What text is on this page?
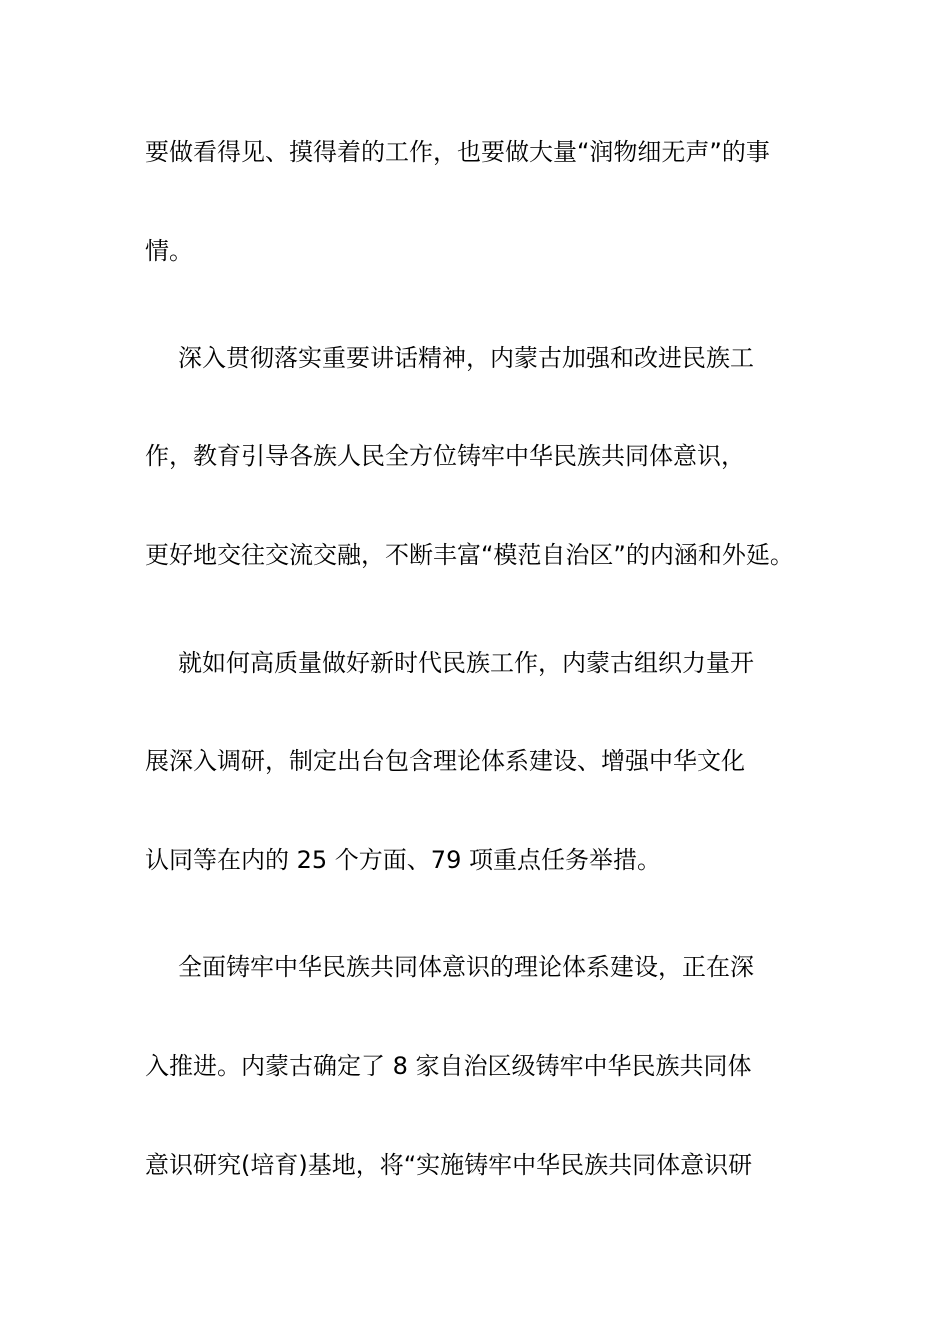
要做看得见、摸得着的工作，也要做大量“润物细无声”的事
情。
深入贯彻落实重要讲话精神，内蒙古加强和改进民族工
作，教育引导各族人民全方位铸牢中华民族共同体意识，
更好地交往交流交融，不断丰富“模范自治区”的内涵和外延。
就如何高质量做好新时代民族工作，内蒙古组织力量开
展深入调研，制定出台包含理论体系建设、增强中华文化
认同等在内的 25 个方面、79 项重点任务举措。
全面铸牢中华民族共同体意识的理论体系建设，正在深
入推进。内蒙古确定了 8 家自治区级铸牢中华民族共同体
意识研究(培育)基地，将“实施铸牢中华民族共同体意识研
